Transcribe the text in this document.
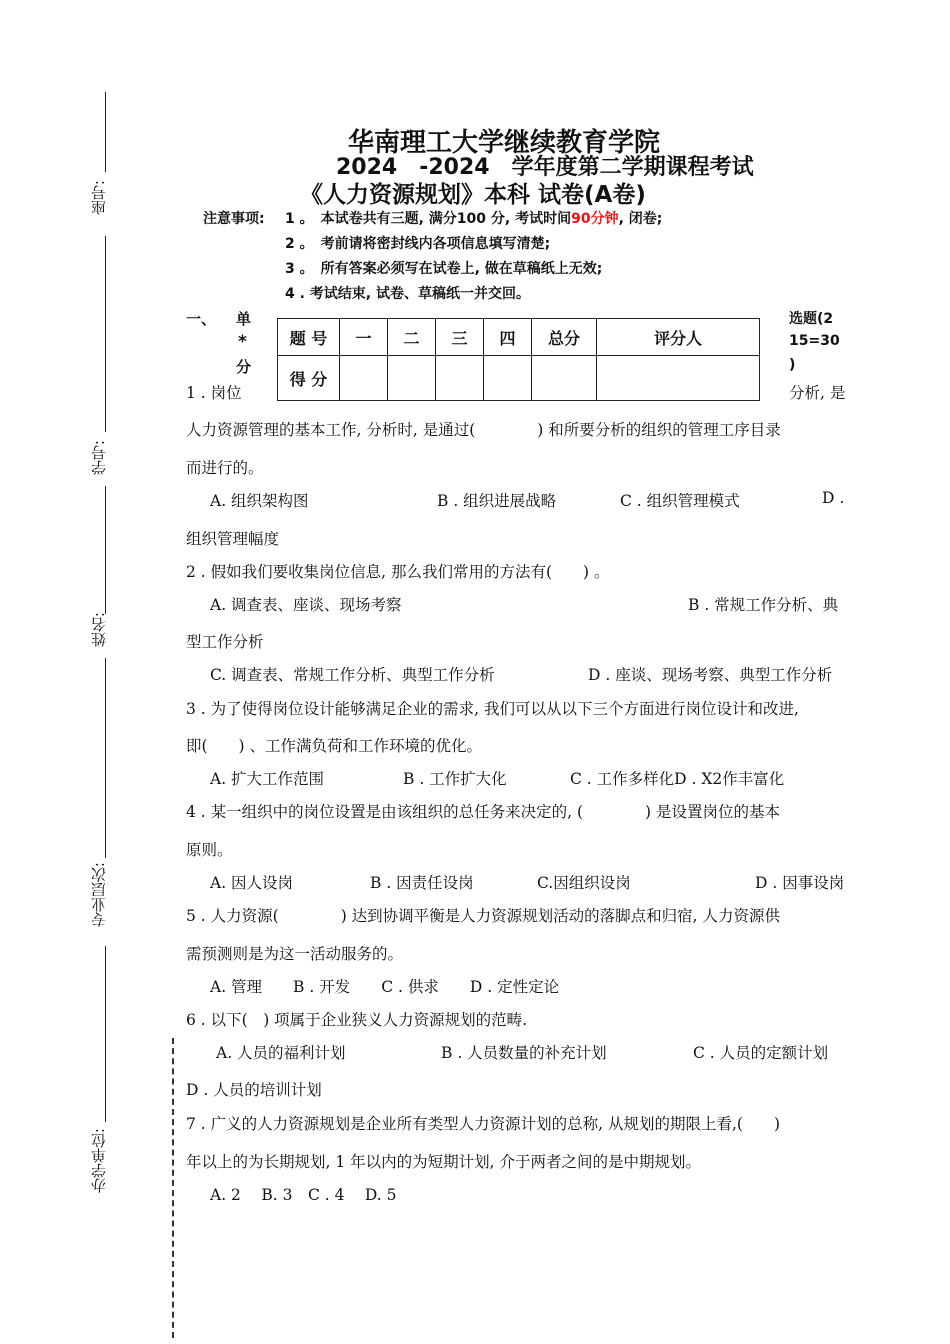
座号:
学号:
姓名:
专业层次:
办学单位:
华南理工大学继续教育学院
2024　-2024　学年度第二学期课程考试
《人力资源规划》本科 试卷(A卷)
注意事项: 1 。　本试卷共有三题, 满分100 分, 考试时间90分钟, 闭卷;
2 。　考前请将密封线内各项信息填写清楚;
3 。　所有答案必须写在试卷上, 做在草稿纸上无效;
4 . 考试结束, 试卷、草稿纸一并交回。
一、 单
*
分
选题(2
15=30
)
题 号	一	二	三	四	总分	评分人
得 分						
1 . 岗位	分析, 是
人力资源管理的基本工作, 分析时, 是通过(　　　　) 和所要分析的组织的管理工序目录
而进行的。
A. 组织架构图	B . 组织进展战略	C . 组织管理模式	D .
组织管理幅度
2 . 假如我们要收集岗位信息, 那么我们常用的方法有(　　) 。
A. 调查表、座谈、现场考察	B . 常规工作分析、典
型工作分析
C. 调查表、常规工作分析、典型工作分析	D . 座谈、现场考察、典型工作分析
3 . 为了使得岗位设计能够满足企业的需求, 我们可以从以下三个方面进行岗位设计和改进,
即(　　) 、工作满负荷和工作环境的优化。
A. 扩大工作范围	B . 工作扩大化	C . 工作多样化D . X2作丰富化
4 . 某一组织中的岗位设置是由该组织的总任务来决定的, (　　　　) 是设置岗位的基本
原则。
A. 因人设岗	B . 因责任设岗	C.因组织设岗	D . 因事设岗
5 . 人力资源(　　　　) 达到协调平衡是人力资源规划活动的落脚点和归宿, 人力资源供
需预测则是为这一活动服务的。
A. 管理　　B . 开发　　C . 供求　　D . 定性定论
6 . 以下(　) 项属于企业狭义人力资源规划的范畴.
A. 人员的福利计划	B . 人员数量的补充计划	C . 人员的定额计划
D . 人员的培训计划
7 . 广义的人力资源规划是企业所有类型人力资源计划的总称, 从规划的期限上看,(　　)
年以上的为长期规划, 1 年以内的为短期计划, 介于两者之间的是中期规划。
A. 2　 B. 3　C . 4　 D. 5
